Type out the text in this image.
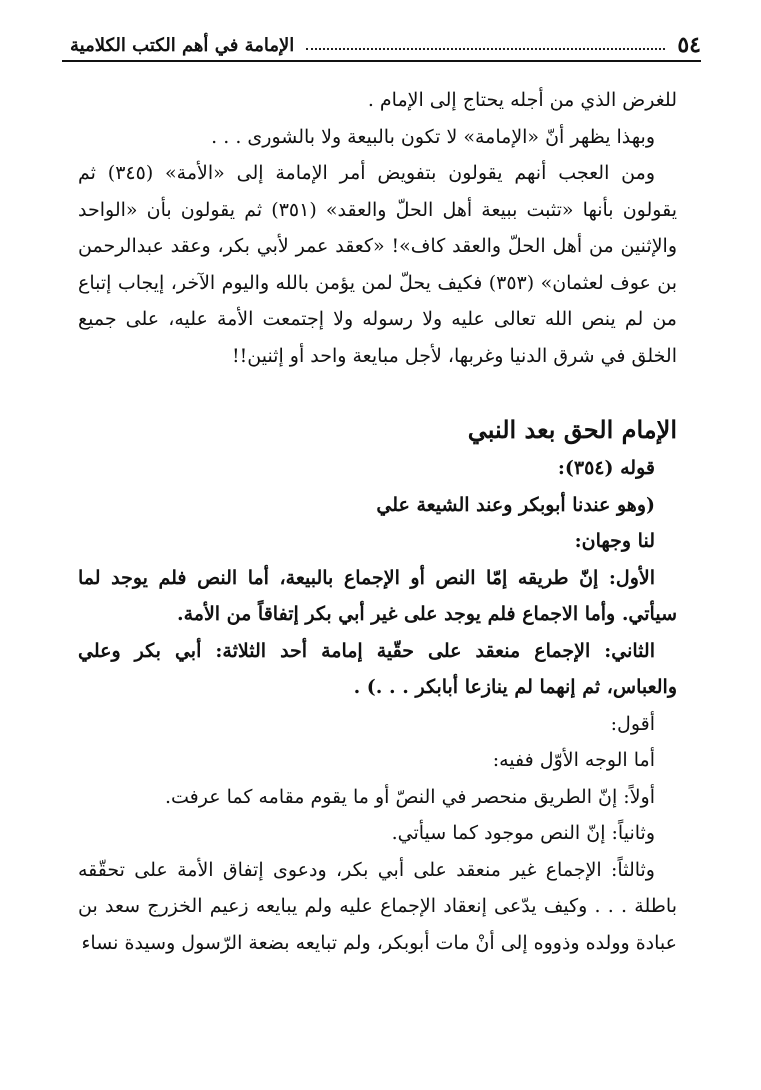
٥٤
الإمامة في أهم الكتب الكلامية

للغرض الذي من أجله يحتاج إلى الإمام .

وبهذا يظهر أنّ «الإمامة» لا تكون بالبيعة ولا بالشورى . . .

ومن العجب أنهم يقولون بتفويض أمر الإمامة إلى «الأمة» (٣٤٥) ثم يقولون بأنها «تثبت ببيعة أهل الحلّ والعقد» (٣٥١) ثم يقولون بأن «الواحد والإثنين من أهل الحلّ والعقد كاف»! «كعقد عمر لأبي بكر، وعقد عبدالرحمن بن عوف لعثمان» (٣٥٣) فكيف يحلّ لمن يؤمن بالله واليوم الآخر، إيجاب إتباع من لم ينص الله تعالى عليه ولا رسوله ولا إجتمعت الأمة عليه، على جميع الخلق في شرق الدنيا وغربها، لأجل مبايعة واحد أو إثنين!!

الإمام الحق بعد النبي

قوله (٣٥٤):

(وهو عندنا أبوبكر وعند الشيعة علي

لنا وجهان:

الأول: إنّ طريقه إمّا النص أو الإجماع بالبيعة، أما النص فلم يوجد لما سيأتي. وأما الاجماع فلم يوجد على غير أبي بكر إتفاقاً من الأمة.

الثاني: الإجماع منعقد على حقّية إمامة أحد الثلاثة: أبي بكر وعلي والعباس، ثم إنهما لم ينازعا أبابكر . . .) .

أقول:

أما الوجه الأوّل ففيه:

أولاً: إنّ الطريق منحصر في النصّ أو ما يقوم مقامه كما عرفت.

وثانياً: إنّ النص موجود كما سيأتي.

وثالثاً: الإجماع غير منعقد على أبي بكر، ودعوى إتفاق الأمة على تحقّقه باطلة . . . وكيف يدّعى إنعقاد الإجماع عليه ولم يبايعه زعيم الخزرج سعد بن عبادة وولده وذووه إلى أنْ مات أبوبكر، ولم تبايعه بضعة الرّسول وسيدة نساء
